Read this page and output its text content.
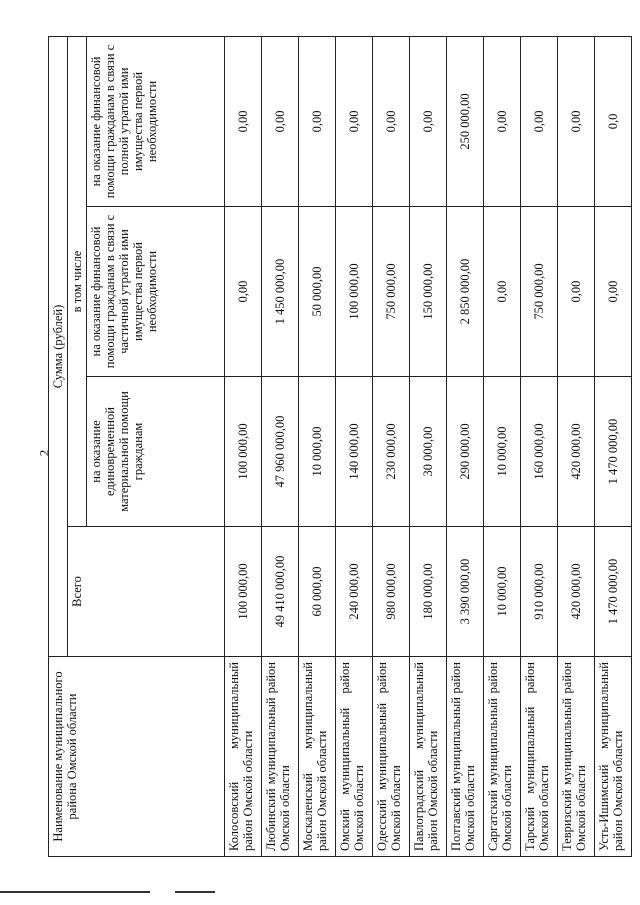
2
Наименование муниципального района Омской области	Сумма (рублей)			
	Всего	в том числе		
		на оказание единовременной материальной помощи гражданам	на оказание финансовой помощи гражданам в связи с частичной утратой ими имущества первой необходимости	на оказание финансовой помощи гражданам в связи с полной утратой ими имущества первой необходимости
Колосовский муниципальный район Омской области	100 000,00	100 000,00	0,00	0,00
Любинский муниципальный район Омской области	49 410 000,00	47 960 000,00	1 450 000,00	0,00
Москаленский муниципальный район Омской области	60 000,00	10 000,00	50 000,00	0,00
Омский муниципальный район Омской области	240 000,00	140 000,00	100 000,00	0,00
Одесский муниципальный район Омской области	980 000,00	230 000,00	750 000,00	0,00
Павлоградский муниципальный район Омской области	180 000,00	30 000,00	150 000,00	0,00
Полтавский муниципальный район Омской области	3 390 000,00	290 000,00	2 850 000,00	250 000,00
Саргатский муниципальный район Омской области	10 000,00	10 000,00	0,00	0,00
Тарский муниципальный район Омской области	910 000,00	160 000,00	750 000,00	0,00
Тевризский муниципальный район Омской области	420 000,00	420 000,00	0,00	0,00
Усть-Ишимский муниципальный район Омской области	1 470 000,00	1 470 000,00	0,00	0,0
